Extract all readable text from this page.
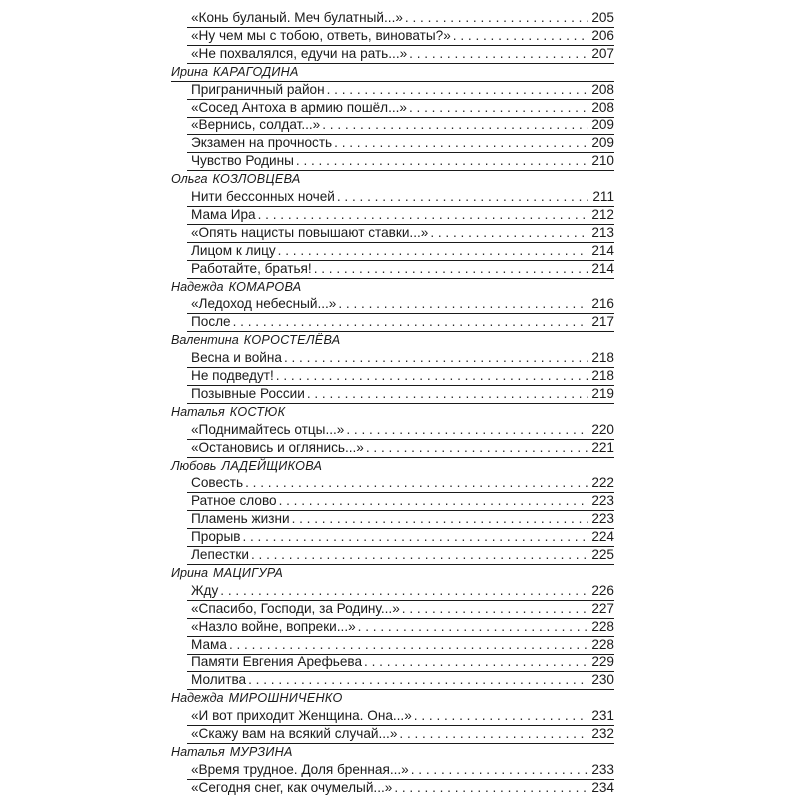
«Конь буланый. Меч булатный...» . . .	205
«Ну чем мы с тобою, ответь, виноваты?» . . .	206
«Не похвалялся, едучи на рать...» . . .	207
Ирина КАРАГОДИНА
Приграничный район . . .	208
«Сосед Антоха в армию пошёл...» . . .	208
«Вернись, солдат...» . . .	209
Экзамен на прочность . . .	209
Чувство Родины . . .	210
Ольга КОЗЛОВЦЕВА
Нити бессонных ночей . . .	211
Мама Ира . . .	212
«Опять нацисты повышают ставки...» . . .	213
Лицом к лицу . . .	214
Работайте, братья! . . .	214
Надежда КОМАРОВА
«Ледоход небесный...» . . .	216
После . . .	217
Валентина КОРОСТЕЛЁВА
Весна и война . . .	218
Не подведут! . . .	218
Позывные России . . .	219
Наталья КОСТЮК
«Поднимайтесь отцы...» . . .	220
«Остановись и оглянись...» . . .	221
Любовь ЛАДЕЙЩИКОВА
Совесть . . .	222
Ратное слово . . .	223
Пламень жизни . . .	223
Прорыв . . .	224
Лепестки . . .	225
Ирина МАЦИГУРА
Жду . . .	226
«Спасибо, Господи, за Родину...» . . .	227
«Назло войне, вопреки...» . . .	228
Мама . . .	228
Памяти Евгения Арефьева . . .	229
Молитва . . .	230
Надежда МИРОШНИЧЕНКО
«И вот приходит Женщина. Она...» . . .	231
«Скажу вам на всякий случай...» . . .	232
Наталья МУРЗИНА
«Время трудное. Доля бренная...» . . .	233
«Сегодня снег, как очумелый...» . . .	234
